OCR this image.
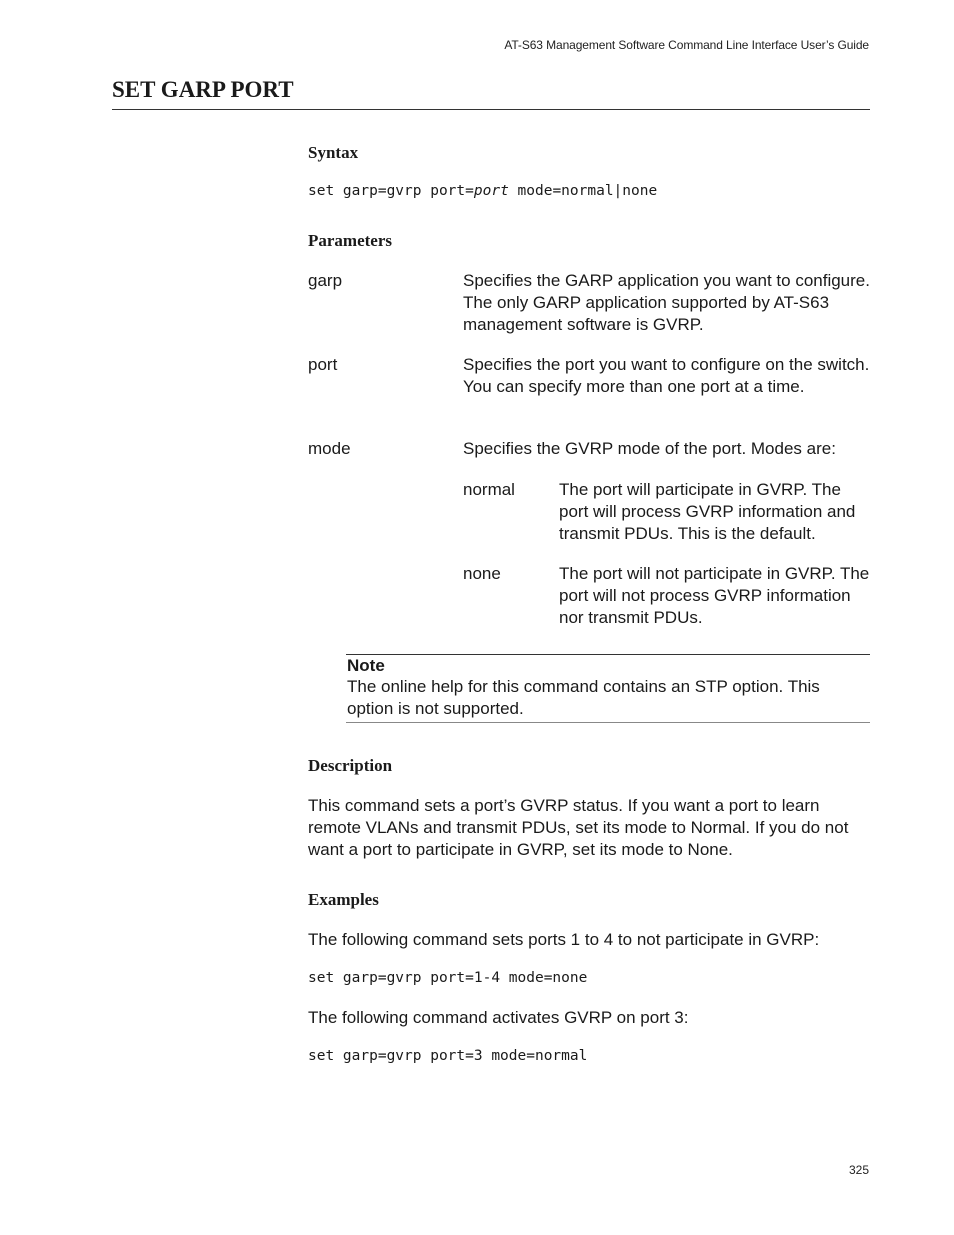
AT-S63 Management Software Command Line Interface User’s Guide
SET GARP PORT
Syntax
set garp=gvrp port=port mode=normal|none
Parameters
garp	Specifies the GARP application you want to configure. The only GARP application supported by AT-S63 management software is GVRP.
port	Specifies the port you want to configure on the switch. You can specify more than one port at a time.
mode	Specifies the GVRP mode of the port. Modes are:
normal	The port will participate in GVRP. The port will process GVRP information and transmit PDUs. This is the default.
none	The port will not participate in GVRP. The port will not process GVRP information nor transmit PDUs.
Note

The online help for this command contains an STP option. This option is not supported.

Description

This command sets a port’s GVRP status. If you want a port to learn remote VLANs and transmit PDUs, set its mode to Normal. If you do not want a port to participate in GVRP, set its mode to None.

Examples

The following command sets ports 1 to 4 to not participate in GVRP:

set garp=gvrp port=1-4 mode=none

The following command activates GVRP on port 3:

set garp=gvrp port=3 mode=normal
325
